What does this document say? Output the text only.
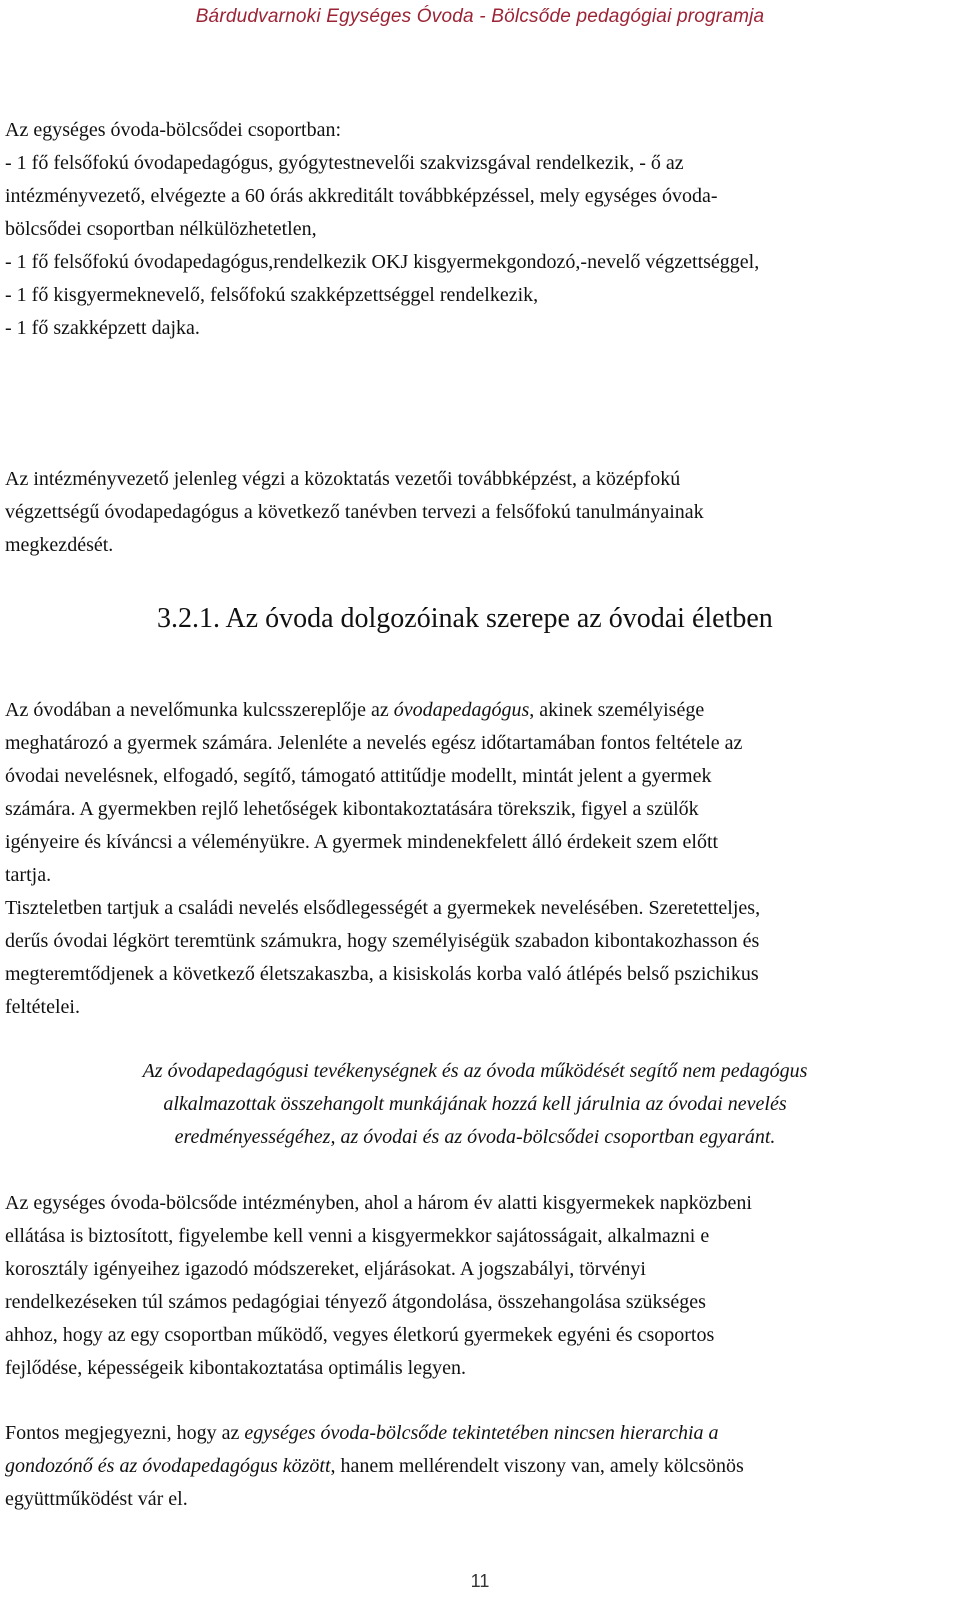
Bárdudvarnoki Egységes Óvoda - Bölcsőde pedagógiai programja
Az egységes óvoda-bölcsődei csoportban:
- 1 fő felsőfokú óvodapedagógus, gyógytestnevelői szakvizsgával rendelkezik, - ő az
intézményvezető, elvégezte a 60 órás akkreditált továbbképzéssel, mely egységes óvoda-
bölcsődei csoportban nélkülözhetetlen,
- 1 fő felsőfokú óvodapedagógus,rendelkezik OKJ kisgyermekgondozó,-nevelő végzettséggel,
- 1 fő kisgyermeknevelő, felsőfokú szakképzettséggel rendelkezik,
- 1 fő szakképzett dajka.
Az intézményvezető jelenleg végzi a közoktatás vezetői továbbképzést, a középfokú
végzettségű óvodapedagógus a következő tanévben tervezi a felsőfokú tanulmányainak
megkezdését.
3.2.1. Az óvoda dolgozóinak szerepe az óvodai életben
Az óvodában a nevelőmunka kulcsszereplője az óvodapedagógus, akinek személyisége
meghatározó a gyermek számára. Jelenléte a nevelés egész időtartamában fontos feltétele az
óvodai nevelésnek, elfogadó, segítő, támogató attitűdje modellt, mintát jelent a gyermek
számára. A gyermekben rejlő lehetőségek kibontakoztatására törekszik, figyel a szülők
igényeire és kíváncsi a véleményükre. A gyermek mindenekfelett álló érdekeit szem előtt
tartja.
Tiszteletben tartjuk a családi nevelés elsődlegességét a gyermekek nevelésében. Szeretetteljes,
derűs óvodai légkört teremtünk számukra, hogy személyiségük szabadon kibontakozhasson és
megteremtődjenek a következő életszakaszba, a kisiskolás korba való átlépés belső pszichikus
feltételei.
Az óvodapedagógusi tevékenységnek és az óvoda működését segítő nem pedagógus
alkalmazottak összehangolt munkájának hozzá kell járulnia az óvodai nevelés
eredményességéhez, az óvodai és az óvoda-bölcsődei csoportban egyaránt.
Az egységes óvoda-bölcsőde intézményben, ahol a három év alatti kisgyermekek napközbeni
ellátása is biztosított, figyelembe kell venni a kisgyermekkor sajátosságait, alkalmazni e
korosztály igényeihez igazodó módszereket, eljárásokat. A jogszabályi, törvényi
rendelkezéseken túl számos pedagógiai tényező átgondolása, összehangolása szükséges
ahhoz, hogy az egy csoportban működő, vegyes életkorú gyermekek egyéni és csoportos
fejlődése, képességeik kibontakoztatása optimális legyen.
Fontos megjegyezni, hogy az egységes óvoda-bölcsőde tekintetében nincsen hierarchia a
gondozónő és az óvodapedagógus között, hanem mellérendelt viszony van, amely kölcsönös
együttműködést vár el.
11
